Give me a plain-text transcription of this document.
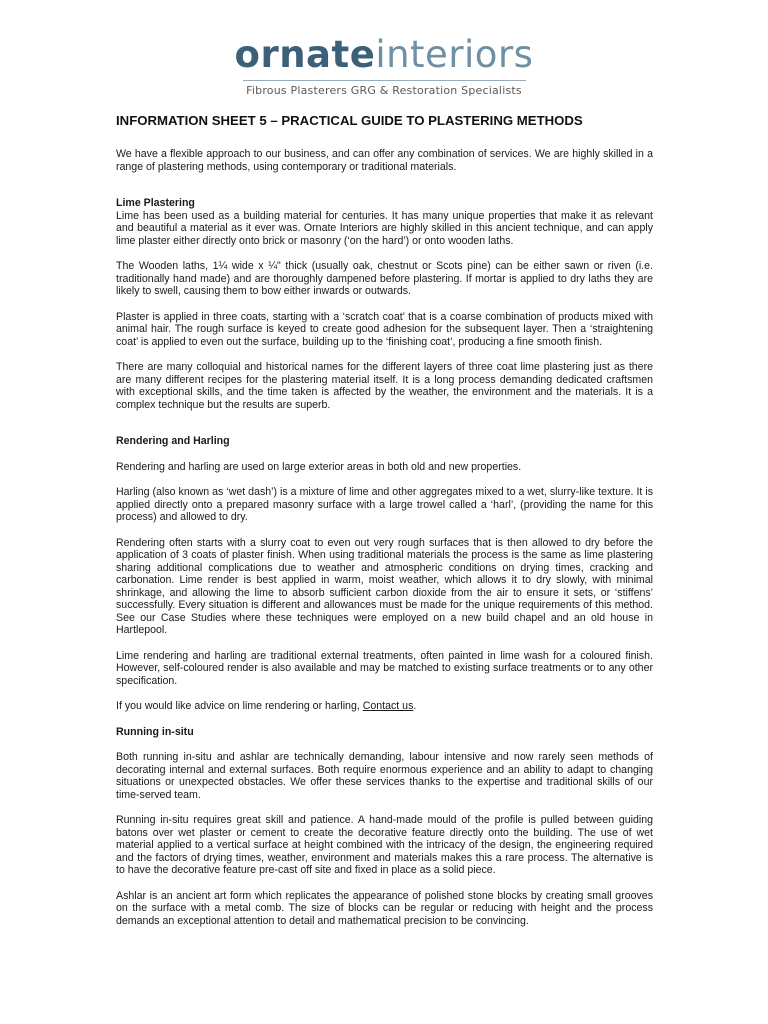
ornateinteriors
Fibrous Plasterers GRG & Restoration Specialists
INFORMATION SHEET 5 – PRACTICAL GUIDE TO PLASTERING METHODS

We have a flexible approach to our business, and can offer any combination of services. We are highly skilled in a range of plastering methods, using contemporary or traditional materials.

Lime Plastering

Lime has been used as a building material for centuries. It has many unique properties that make it as relevant and beautiful a material as it ever was. Ornate Interiors are highly skilled in this ancient technique, and can apply lime plaster either directly onto brick or masonry (‘on the hard’) or onto wooden laths.

The Wooden laths, 1¼ wide x ¼" thick (usually oak, chestnut or Scots pine) can be either sawn or riven (i.e. traditionally hand made) and are thoroughly dampened before plastering. If mortar is applied to dry laths they are likely to swell, causing them to bow either inwards or outwards.

Plaster is applied in three coats, starting with a ‘scratch coat’ that is a coarse combination of products mixed with animal hair. The rough surface is keyed to create good adhesion for the subsequent layer. Then a ‘straightening coat’ is applied to even out the surface, building up to the ‘finishing coat’, producing a fine smooth finish.

There are many colloquial and historical names for the different layers of three coat lime plastering just as there are many different recipes for the plastering material itself. It is a long process demanding dedicated craftsmen with exceptional skills, and the time taken is affected by the weather, the environment and the materials. It is a complex technique but the results are superb.

Rendering and Harling

Rendering and harling are used on large exterior areas in both old and new properties.

Harling (also known as ‘wet dash’) is a mixture of lime and other aggregates mixed to a wet, slurry-like texture. It is applied directly onto a prepared masonry surface with a large trowel called a ‘harl’, (providing the name for this process) and allowed to dry.

Rendering often starts with a slurry coat to even out very rough surfaces that is then allowed to dry before the application of 3 coats of plaster finish. When using traditional materials the process is the same as lime plastering sharing additional complications due to weather and atmospheric conditions on drying times, cracking and carbonation. Lime render is best applied in warm, moist weather, which allows it to dry slowly, with minimal shrinkage, and allowing the lime to absorb sufficient carbon dioxide from the air to ensure it sets, or ‘stiffens’ successfully. Every situation is different and allowances must be made for the unique requirements of this method. See our Case Studies where these techniques were employed on a new build chapel and an old house in Hartlepool.

Lime rendering and harling are traditional external treatments, often painted in lime wash for a coloured finish. However, self-coloured render is also available and may be matched to existing surface treatments or to any other specification.

If you would like advice on lime rendering or harling, Contact us.

Running in-situ

Both running in-situ and ashlar are technically demanding, labour intensive and now rarely seen methods of decorating internal and external surfaces. Both require enormous experience and an ability to adapt to changing situations or unexpected obstacles. We offer these services thanks to the expertise and traditional skills of our time-served team.

Running in-situ requires great skill and patience. A hand-made mould of the profile is pulled between guiding batons over wet plaster or cement to create the decorative feature directly onto the building. The use of wet material applied to a vertical surface at height combined with the intricacy of the design, the engineering required and the factors of drying times, weather, environment and materials makes this a rare process. The alternative is to have the decorative feature pre-cast off site and fixed in place as a solid piece.

Ashlar is an ancient art form which replicates the appearance of polished stone blocks by creating small grooves on the surface with a metal comb. The size of blocks can be regular or reducing with height and the process demands an exceptional attention to detail and mathematical precision to be convincing.
